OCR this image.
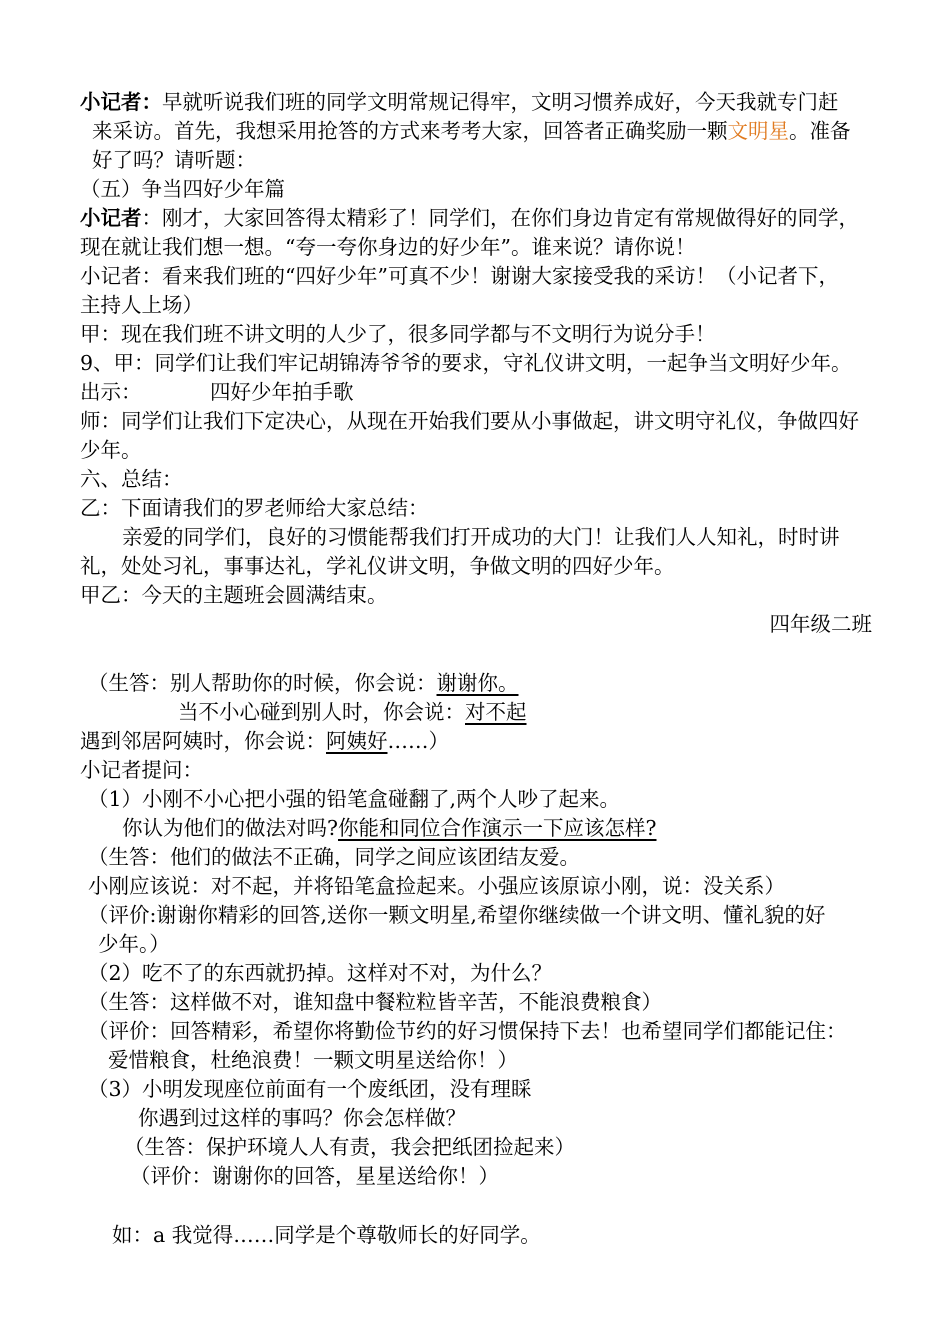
小记者：早就听说我们班的同学文明常规记得牢，文明习惯养成好，今天我就专门赶
来采访。首先，我想采用抢答的方式来考考大家，回答者正确奖励一颗文明星。准备
好了吗？请听题：
（五）争当四好少年篇
小记者：刚才，大家回答得太精彩了！同学们，在你们身边肯定有常规做得好的同学，
现在就让我们想一想。“夸一夸你身边的好少年”。谁来说？请你说！
小记者：看来我们班的“四好少年”可真不少！谢谢大家接受我的采访！（小记者下，
主持人上场）
甲：现在我们班不讲文明的人少了，很多同学都与不文明行为说分手！
9、甲：同学们让我们牢记胡锦涛爷爷的要求，守礼仪讲文明，一起争当文明好少年。
出示：	四好少年拍手歌
师：同学们让我们下定决心，从现在开始我们要从小事做起，讲文明守礼仪，争做四好
少年。
六、总结：
乙：下面请我们的罗老师给大家总结：
亲爱的同学们，良好的习惯能帮我们打开成功的大门！让我们人人知礼，时时讲
礼，处处习礼，事事达礼，学礼仪讲文明，争做文明的四好少年。
甲乙：今天的主题班会圆满结束。
四年级二班
（生答：别人帮助你的时候，你会说：谢谢你。
当不小心碰到别人时，你会说：对不起
遇到邻居阿姨时，你会说：阿姨好……）
小记者提问：
（1）小刚不小心把小强的铅笔盒碰翻了,两个人吵了起来。
你认为他们的做法对吗?你能和同位合作演示一下应该怎样?
（生答：他们的做法不正确，同学之间应该团结友爱。
小刚应该说：对不起，并将铅笔盒捡起来。小强应该原谅小刚，说：没关系）
（评价:谢谢你精彩的回答,送你一颗文明星,希望你继续做一个讲文明、懂礼貌的好
少年。）
（2）吃不了的东西就扔掉。这样对不对，为什么？
（生答：这样做不对，谁知盘中餐粒粒皆辛苦，不能浪费粮食）
（评价：回答精彩，希望你将勤俭节约的好习惯保持下去！也希望同学们都能记住：
爱惜粮食，杜绝浪费！一颗文明星送给你！）
（3）小明发现座位前面有一个废纸团，没有理睬
你遇到过这样的事吗？你会怎样做？
（生答：保护环境人人有责，我会把纸团捡起来）
（评价：谢谢你的回答，星星送给你！）
如：a 我觉得……同学是个尊敬师长的好同学。
